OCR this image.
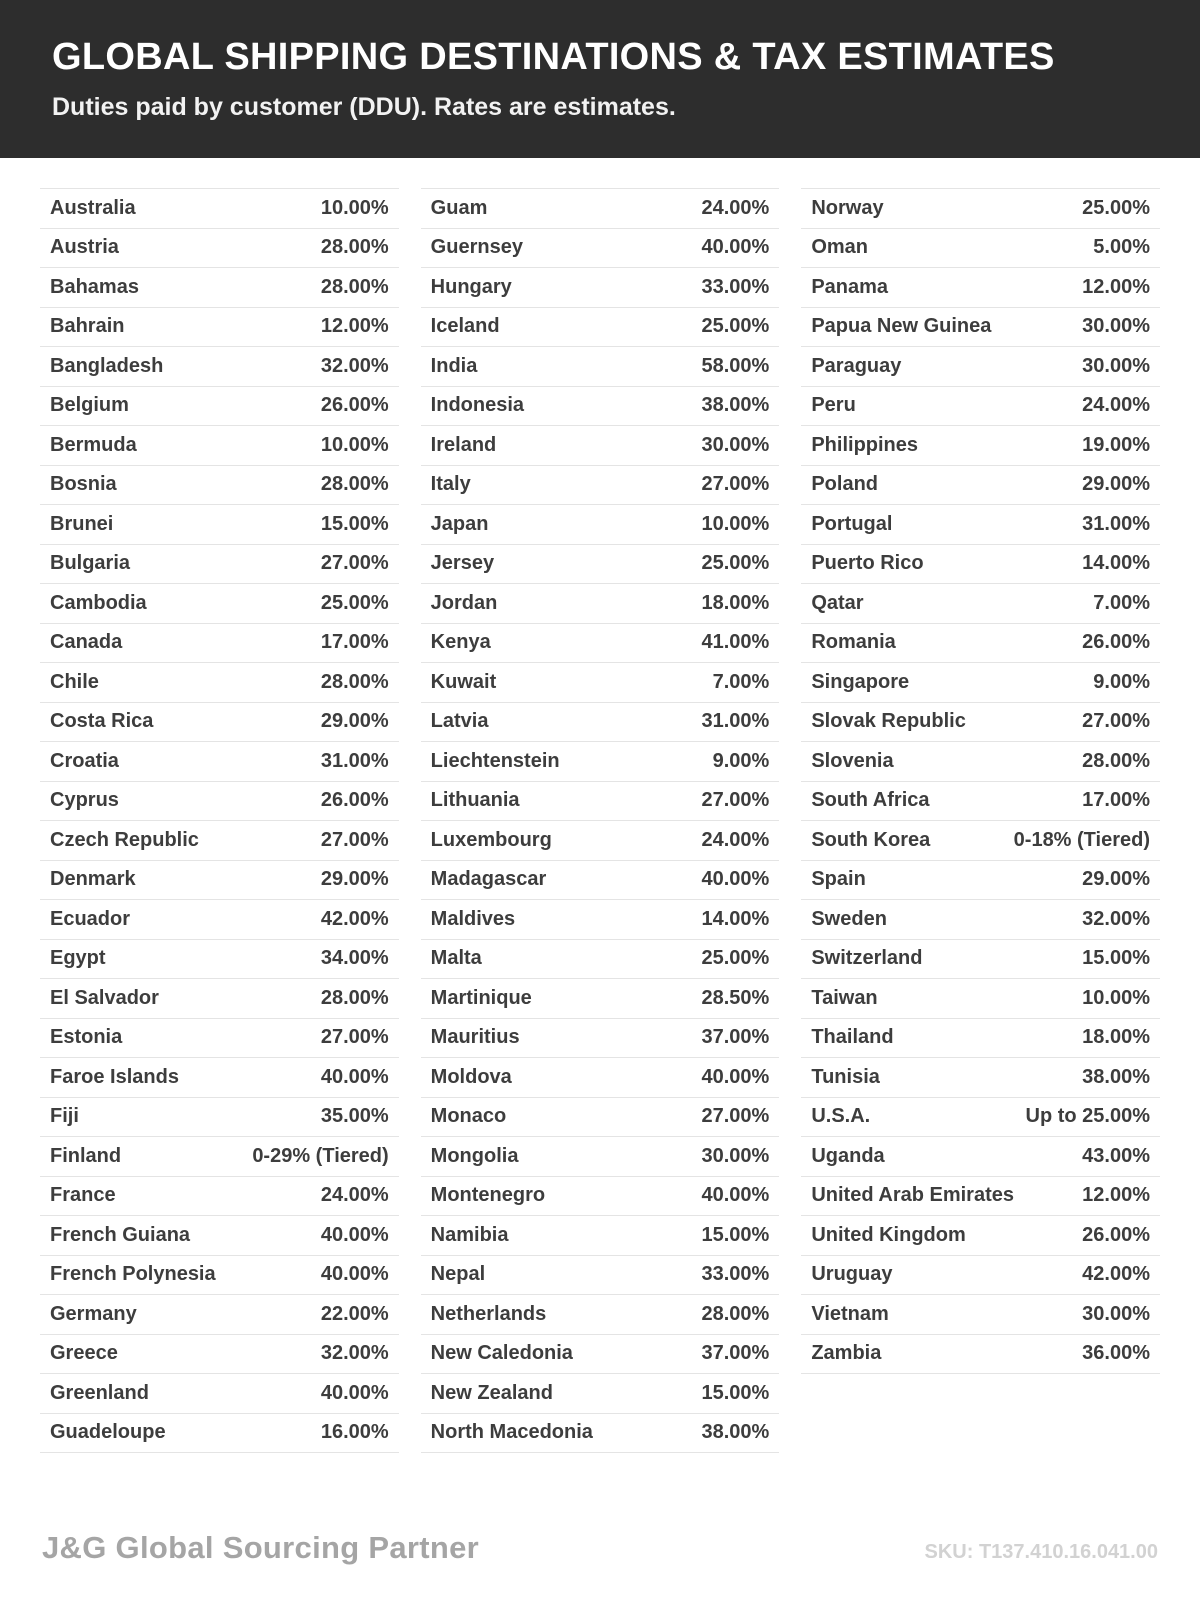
GLOBAL SHIPPING DESTINATIONS & TAX ESTIMATES
Duties paid by customer (DDU). Rates are estimates.
Australia	10.00%
Austria	28.00%
Bahamas	28.00%
Bahrain	12.00%
Bangladesh	32.00%
Belgium	26.00%
Bermuda	10.00%
Bosnia	28.00%
Brunei	15.00%
Bulgaria	27.00%
Cambodia	25.00%
Canada	17.00%
Chile	28.00%
Costa Rica	29.00%
Croatia	31.00%
Cyprus	26.00%
Czech Republic	27.00%
Denmark	29.00%
Ecuador	42.00%
Egypt	34.00%
El Salvador	28.00%
Estonia	27.00%
Faroe Islands	40.00%
Fiji	35.00%
Finland	0-29% (Tiered)
France	24.00%
French Guiana	40.00%
French Polynesia	40.00%
Germany	22.00%
Greece	32.00%
Greenland	40.00%
Guadeloupe	16.00%
Guam	24.00%
Guernsey	40.00%
Hungary	33.00%
Iceland	25.00%
India	58.00%
Indonesia	38.00%
Ireland	30.00%
Italy	27.00%
Japan	10.00%
Jersey	25.00%
Jordan	18.00%
Kenya	41.00%
Kuwait	7.00%
Latvia	31.00%
Liechtenstein	9.00%
Lithuania	27.00%
Luxembourg	24.00%
Madagascar	40.00%
Maldives	14.00%
Malta	25.00%
Martinique	28.50%
Mauritius	37.00%
Moldova	40.00%
Monaco	27.00%
Mongolia	30.00%
Montenegro	40.00%
Namibia	15.00%
Nepal	33.00%
Netherlands	28.00%
New Caledonia	37.00%
New Zealand	15.00%
North Macedonia	38.00%
Norway	25.00%
Oman	5.00%
Panama	12.00%
Papua New Guinea	30.00%
Paraguay	30.00%
Peru	24.00%
Philippines	19.00%
Poland	29.00%
Portugal	31.00%
Puerto Rico	14.00%
Qatar	7.00%
Romania	26.00%
Singapore	9.00%
Slovak Republic	27.00%
Slovenia	28.00%
South Africa	17.00%
South Korea	0-18% (Tiered)
Spain	29.00%
Sweden	32.00%
Switzerland	15.00%
Taiwan	10.00%
Thailand	18.00%
Tunisia	38.00%
U.S.A.	Up to 25.00%
Uganda	43.00%
United Arab Emirates	12.00%
United Kingdom	26.00%
Uruguay	42.00%
Vietnam	30.00%
Zambia	36.00%
J&G Global Sourcing Partner	SKU: T137.410.16.041.00
